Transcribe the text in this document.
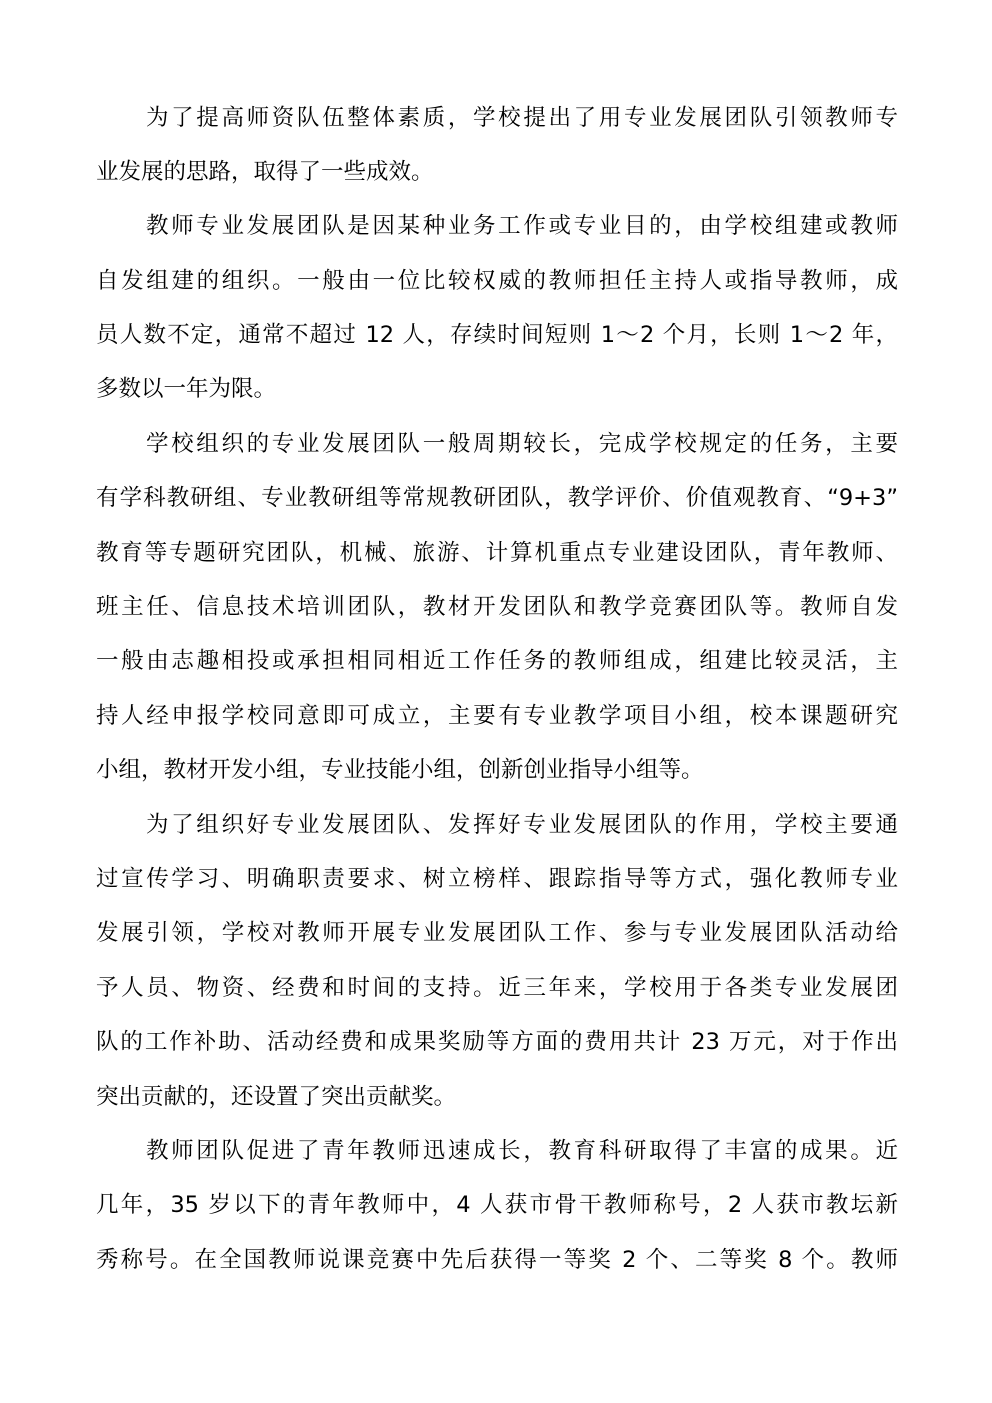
为了提高师资队伍整体素质，学校提出了用专业发展团队引领教师专
业发展的思路，取得了一些成效。
教师专业发展团队是因某种业务工作或专业目的，由学校组建或教师
自发组建的组织。一般由一位比较权威的教师担任主持人或指导教师，成
员人数不定，通常不超过 12 人，存续时间短则 1～2 个月，长则 1～2 年，
多数以一年为限。
学校组织的专业发展团队一般周期较长，完成学校规定的任务，主要
有学科教研组、专业教研组等常规教研团队，教学评价、价值观教育、“9+3”
教育等专题研究团队，机械、旅游、计算机重点专业建设团队，青年教师、
班主任、信息技术培训团队，教材开发团队和教学竞赛团队等。教师自发
一般由志趣相投或承担相同相近工作任务的教师组成，组建比较灵活，主
持人经申报学校同意即可成立，主要有专业教学项目小组，校本课题研究
小组，教材开发小组，专业技能小组，创新创业指导小组等。
为了组织好专业发展团队、发挥好专业发展团队的作用，学校主要通
过宣传学习、明确职责要求、树立榜样、跟踪指导等方式，强化教师专业
发展引领，学校对教师开展专业发展团队工作、参与专业发展团队活动给
予人员、物资、经费和时间的支持。近三年来，学校用于各类专业发展团
队的工作补助、活动经费和成果奖励等方面的费用共计 23 万元，对于作出
突出贡献的，还设置了突出贡献奖。
教师团队促进了青年教师迅速成长，教育科研取得了丰富的成果。近
几年，35 岁以下的青年教师中，4 人获市骨干教师称号，2 人获市教坛新
秀称号。在全国教师说课竞赛中先后获得一等奖 2 个、二等奖 8 个。教师
